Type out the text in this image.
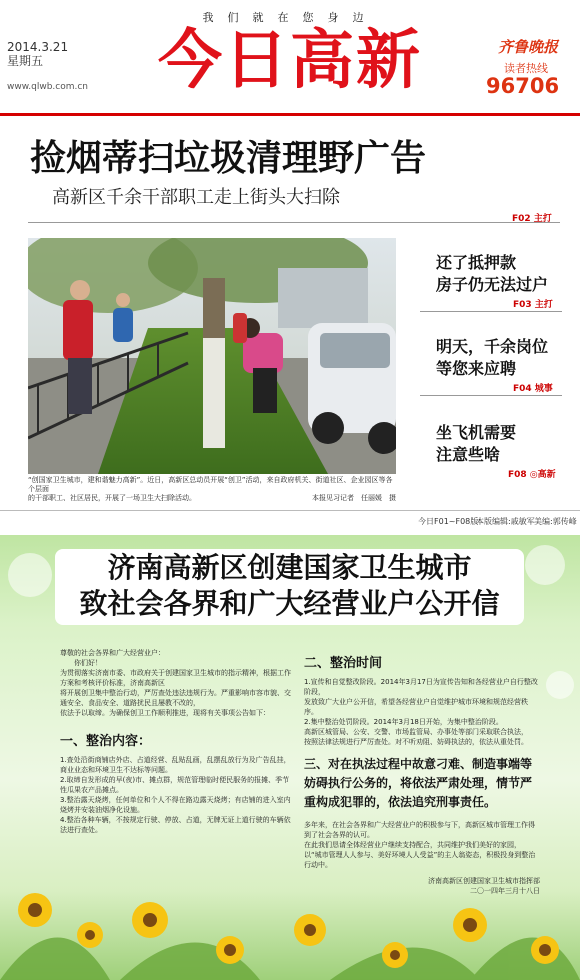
我们就在您身边
2014.3.21
星期五
www.qlwb.com.cn 今日高新	齐鲁晚报
读者热线
96706
捡烟蒂扫垃圾清理野广告
高新区千余干部职工走上街头大扫除
F02 主打
“创国家卫生城市，建和谐魅力高新”。近日，高新区总动员开展“创卫”活动，来自政府机关、街道社区、企业园区等各个层面
的干部职工、社区居民，开展了一场卫生大扫除活动。	本报见习记者　任丽媛　摄
还了抵押款
房子仍无法过户
F03 主打
明天，千余岗位
等您来应聘
F04 城事
坐飞机需要
注意些啥
F08 ◎高新
今日F01~F08版
本版编辑:戚敏军 美编:郭传峰
济南高新区创建国家卫生城市
致社会各界和广大经营业户公开信
尊敬的社会各界和广大经营业户：
你们好！
为贯彻落实济南市委、市政府关于创建国家卫生城市的指示精神，根据工作方案和考核评价标准，济南高新区
将开展创卫集中整治行动，严厉查处违法违规行为。严重影响市容市貌、交通安全、食品安全、道路扰民且屡教不改的，
依法予以取缔。为确保创卫工作顺利推进，现将有关事项公告如下：
一、整治内容：
1.查处沿街商铺店外店、占道经营、乱贴乱画，乱摆乱放行为及广告乱挂，
商业业态和环境卫生不达标等问题。
2.取缔自发形成的早(夜)市、摊点群，规范管理临时便民服务的报摊、季节性瓜果农产品摊点。
3.整治露天烧烤，任何单位和个人不得在路边露天烧烤；有店铺的进入室内烧烤并安装油烟净化设施。
4.整治各种车辆，不按规定行驶、停放、占道，无牌无证上道行驶的车辆依法进行查处。
二、整治时间
1.宣传和自觉整改阶段。2014年3月17日为宣传告知和各经营业户自行整改阶段，
发放致广大业户公开信，希望各经营业户自觉维护城市环境和规范经营秩序。
2.集中整治处罚阶段。2014年3月18日开始，为集中整治阶段。
高新区城管局、公安、交警、市场监管局、办事处等部门采取联合执法，
按照法律法规进行严厉查处。对不听劝阻、妨碍执法的，依法从重处罚。
三、对在执法过程中故意刁难、制造事端等妨碍执行公务的，将依法严肃处理，情节严重构成犯罪的，依法追究刑事责任。
多年来，在社会各界和广大经营业户的积极参与下，高新区城市管理工作得到了社会各界的认可。
在此我们恳请全体经营业户继续支持配合，共同维护我们美好的家园，
以“城市管理人人参与、美好环境人人受益”的主人翁姿态，积极投身到整治行动中。
济南高新区创建国家卫生城市指挥部
二〇一四年三月十八日
